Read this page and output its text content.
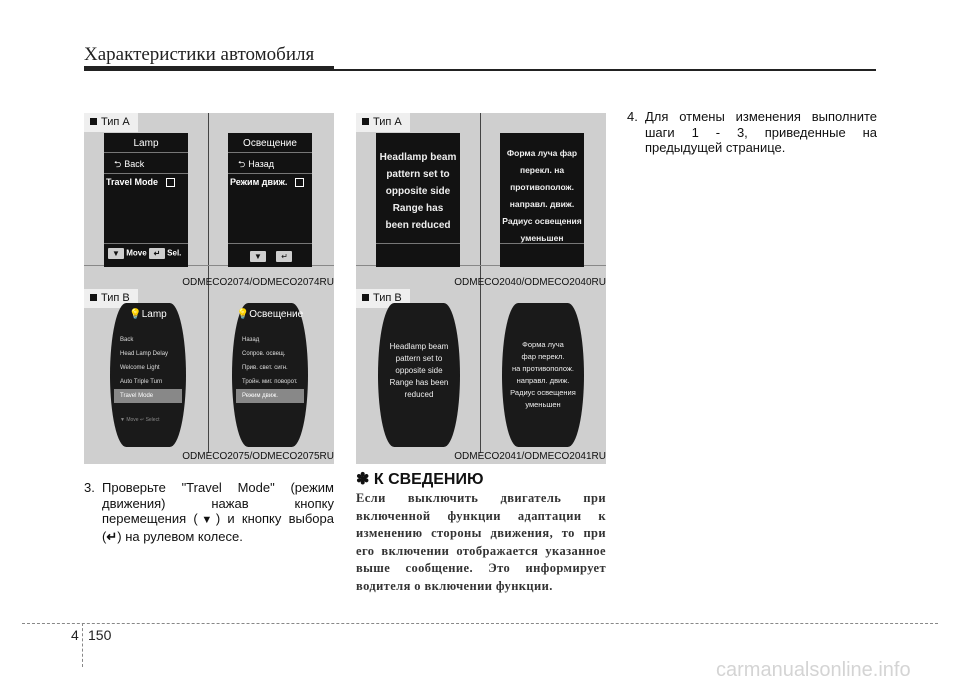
Характеристики автомобиля
Тип A
Lamp
⮌ Back
Travel Mode
▼ Move ↵ Sel.
Освещение
⮌ Назад
Режим движ.
▼ ↵
ODMECO2074/ODMECO2074RU
Тип B
💡Lamp
Back
Head Lamp Delay
Welcome Light
Auto Triple Turn
Travel Mode
▼ Move ↵ Select
💡Освещение
Назад
Сопров. освещ.
Прив. свет. сигн.
Тройн. миг. поворот.
Режим движ.
ODMECO2075/ODMECO2075RU
Тип A
Headlamp beam
pattern set to
opposite side
Range has
been reduced
Форма луча фар
перекл. на
противополож.
направл. движ.
Радиус освещения
уменьшен
ODMECO2040/ODMECO2040RU
Тип B
Headlamp beam
pattern set to
opposite side
Range has been
reduced
Форма луча
фар перекл.
на противополож.
направл. движ.
Радиус освещения
уменьшен
ODMECO2041/ODMECO2041RU
3. Проверьте "Travel Mode" (режим движения) нажав кнопку перемещения (▼) и кнопку выбора (↵) на рулевом колесе.
✽ К СВЕДЕНИЮ
Если выключить двигатель при включенной функции адаптации к изменению стороны движения, то при его включении отображается указанное выше сообщение. Это информирует водителя о включении функции.
4. Для отмены изменения выполните шаги 1 - 3, приведенные на предыдущей странице.
4 150
carmanualsonline.info
